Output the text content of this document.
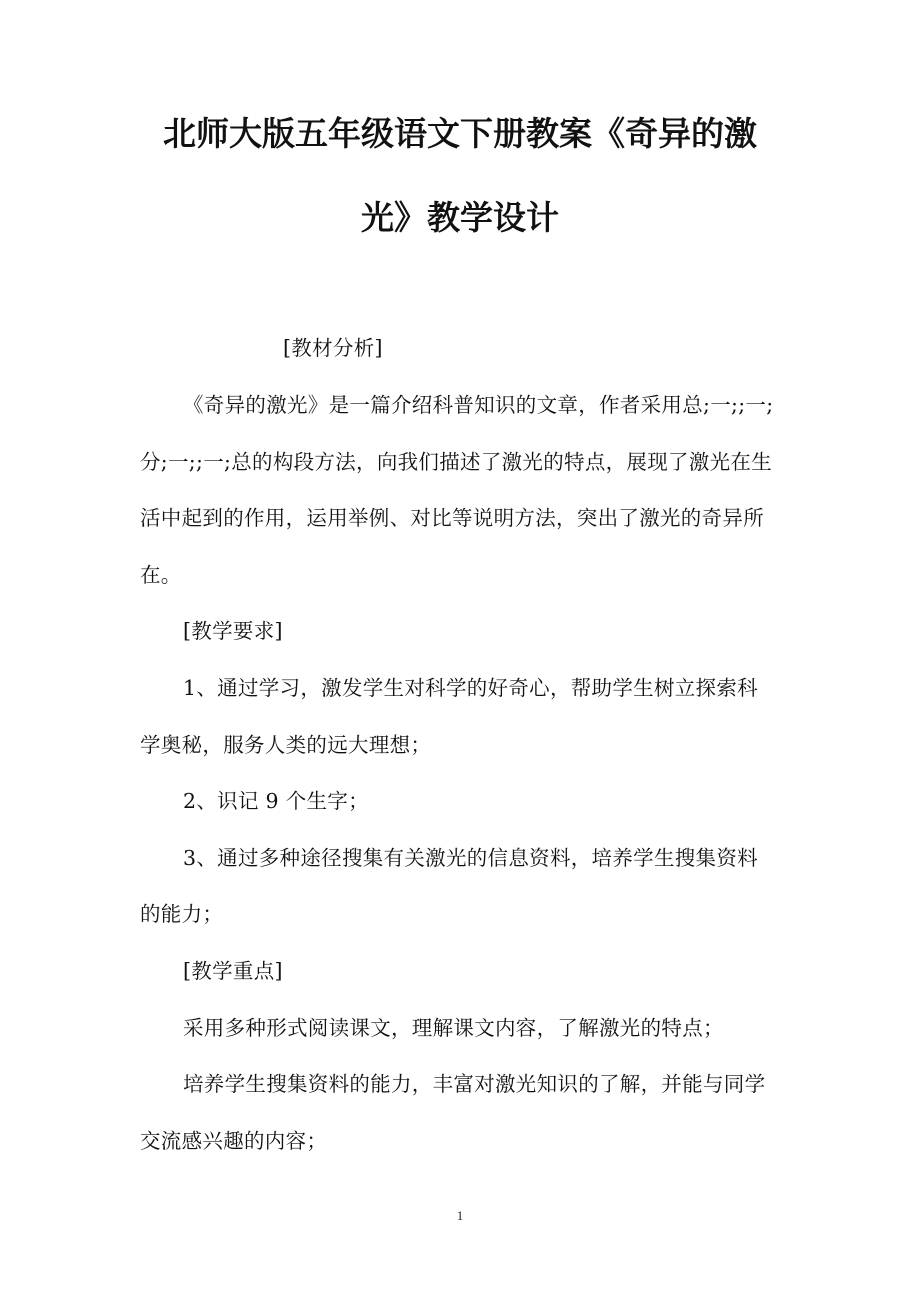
北师大版五年级语文下册教案《奇异的激
光》教学设计
[教材分析]
《奇异的激光》是一篇介绍科普知识的文章，作者采用总;一;;一;
分;一;;一;总的构段方法，向我们描述了激光的特点，展现了激光在生
活中起到的作用，运用举例、对比等说明方法，突出了激光的奇异所
在。
[教学要求]
1、通过学习，激发学生对科学的好奇心，帮助学生树立探索科
学奥秘，服务人类的远大理想；
2、识记 9 个生字；
3、通过多种途径搜集有关激光的信息资料，培养学生搜集资料
的能力；
[教学重点]
采用多种形式阅读课文，理解课文内容，了解激光的特点；
培养学生搜集资料的能力，丰富对激光知识的了解，并能与同学
交流感兴趣的内容；
1
